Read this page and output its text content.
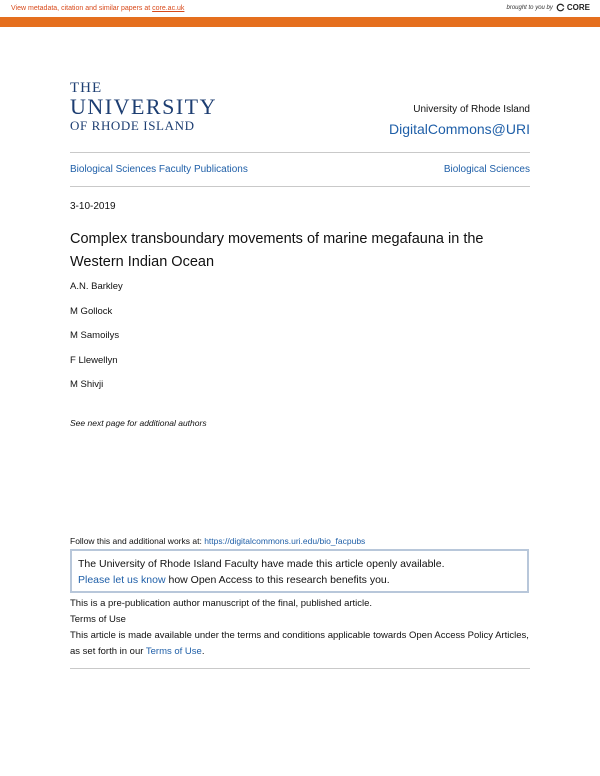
View metadata, citation and similar papers at core.ac.uk	brought to you by CORE
provided by DigitalCommons@URI
THE
UNIVERSITY
OF RHODE ISLAND
University of Rhode Island
DigitalCommons@URI
Biological Sciences Faculty Publications	Biological Sciences
3-10-2019
Complex transboundary movements of marine megafauna in the Western Indian Ocean
A.N. Barkley
M Gollock
M Samoilys
F Llewellyn
M Shivji
See next page for additional authors
Follow this and additional works at: https://digitalcommons.uri.edu/bio_facpubs
The University of Rhode Island Faculty have made this article openly available.
Please let us know how Open Access to this research benefits you.
This is a pre-publication author manuscript of the final, published article.
Terms of Use
This article is made available under the terms and conditions applicable towards Open Access Policy Articles, as set forth in our Terms of Use.
